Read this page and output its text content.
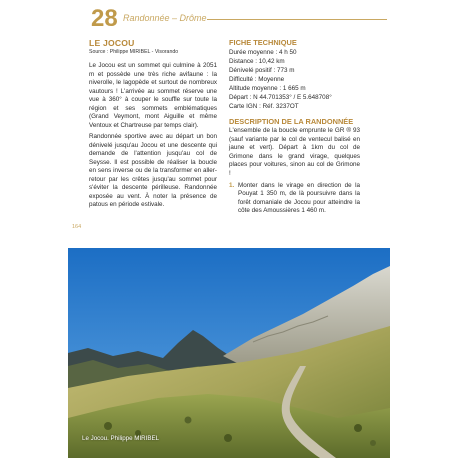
28 Randonnée – Drôme
LE JOCOU
Source : Philippe MIRIBEL - Visorando

Le Jocou est un sommet qui culmine à 2051 m et possède une très riche avifaune : la niverolle, le lagopède et surtout de nombreux vautours ! L'arrivée au sommet réserve une vue à 360° à couper le souffle sur toute la région et ses sommets emblématiques (Grand Veymont, mont Aiguille et même Ventoux et Chartreuse par temps clair).

Randonnée sportive avec au départ un bon dénivelé jusqu'au Jocou et une descente qui demande de l'attention jusqu'au col de Seysse. Il est possible de réaliser la boucle en sens inverse ou de la transformer en aller-retour par les crêtes jusqu'au sommet pour s'éviter la descente périlleuse. Randonnée exposée au vent. À noter la présence de patous en période estivale.

164
FICHE TECHNIQUE
Durée moyenne : 4 h 50
Distance : 10,42 km
Dénivelé positif : 773 m
Difficulté : Moyenne
Altitude moyenne : 1 665 m
Départ : N 44.701353° / E 5.648708°
Carte IGN : Réf. 3237OT
DESCRIPTION DE LA RANDONNÉE

L'ensemble de la boucle emprunte le GR ® 93 (sauf variante par le col de ventecul balisé en jaune et vert). Départ à 1km du col de Grimone dans le grand virage, quelques places pour voitures, sinon au col de Grimone !

1. Monter dans le virage en direction de la Pouyat 1 350 m, de là poursuivre dans la forêt domaniale de Jocou pour atteindre la côte des Amoussières 1 460 m.
Le Jocou. Philippe MIRIBEL
